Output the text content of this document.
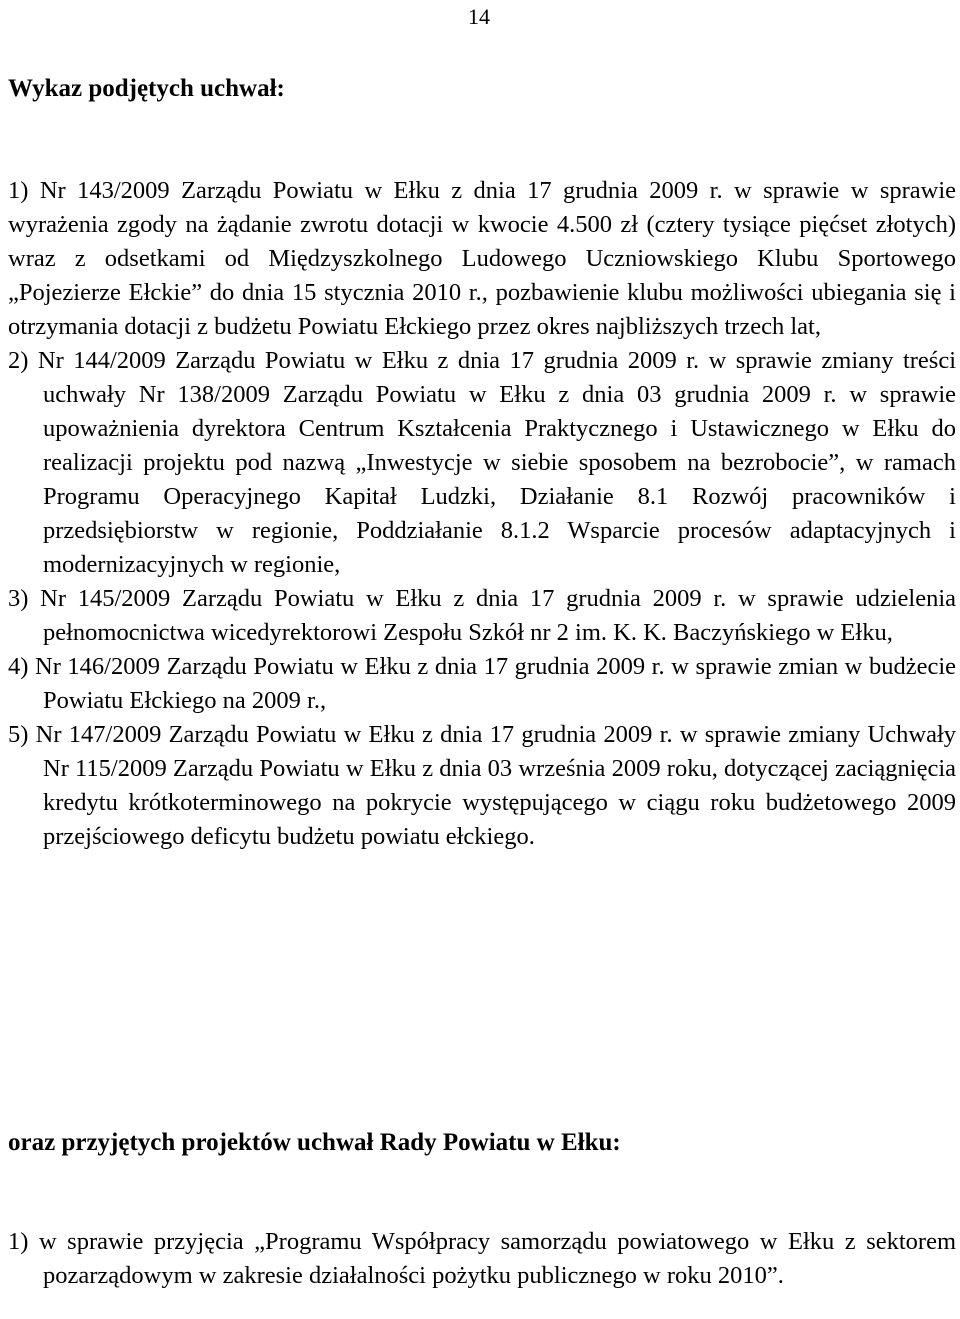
14
Wykaz podjętych uchwał:
1) Nr 143/2009 Zarządu Powiatu w Ełku z dnia 17 grudnia 2009 r. w sprawie w sprawie wyrażenia zgody na żądanie zwrotu dotacji w kwocie 4.500 zł (cztery tysiące pięćset złotych) wraz z odsetkami od Międzyszkolnego Ludowego Uczniowskiego Klubu Sportowego „Pojezierze Ełckie” do dnia 15 stycznia 2010 r., pozbawienie klubu możliwości ubiegania się i otrzymania dotacji z budżetu Powiatu Ełckiego przez okres najbliższych trzech lat,
2) Nr 144/2009 Zarządu Powiatu w Ełku z dnia 17 grudnia 2009 r. w sprawie zmiany treści uchwały Nr 138/2009 Zarządu Powiatu w Ełku z dnia 03 grudnia 2009 r. w sprawie upoważnienia dyrektora Centrum Kształcenia Praktycznego i Ustawicznego w Ełku do realizacji projektu pod nazwą „Inwestycje w siebie sposobem na bezrobocie”, w ramach Programu Operacyjnego Kapitał Ludzki, Działanie 8.1 Rozwój pracowników i przedsiębiorstw w regionie, Poddziałanie 8.1.2 Wsparcie procesów adaptacyjnych i modernizacyjnych w regionie,
3) Nr 145/2009 Zarządu Powiatu w Ełku z dnia 17 grudnia 2009 r. w sprawie udzielenia pełnomocnictwa wicedyrektorowi Zespołu Szkół nr 2 im. K. K. Baczyńskiego w Ełku,
4) Nr 146/2009 Zarządu Powiatu w Ełku z dnia 17 grudnia 2009 r. w sprawie zmian w budżecie Powiatu Ełckiego na 2009 r.,
5) Nr 147/2009 Zarządu Powiatu w Ełku z dnia 17 grudnia 2009 r. w sprawie zmiany Uchwały Nr 115/2009 Zarządu Powiatu w Ełku z dnia 03 września 2009 roku, dotyczącej zaciągnięcia kredytu krótkoterminowego na pokrycie występującego w ciągu roku budżetowego 2009 przejściowego deficytu budżetu powiatu ełckiego.
oraz przyjętych projektów uchwał Rady Powiatu w Ełku:
1) w sprawie przyjęcia „Programu Współpracy samorządu powiatowego w Ełku z sektorem pozarządowym w zakresie działalności pożytku publicznego w roku 2010”.
